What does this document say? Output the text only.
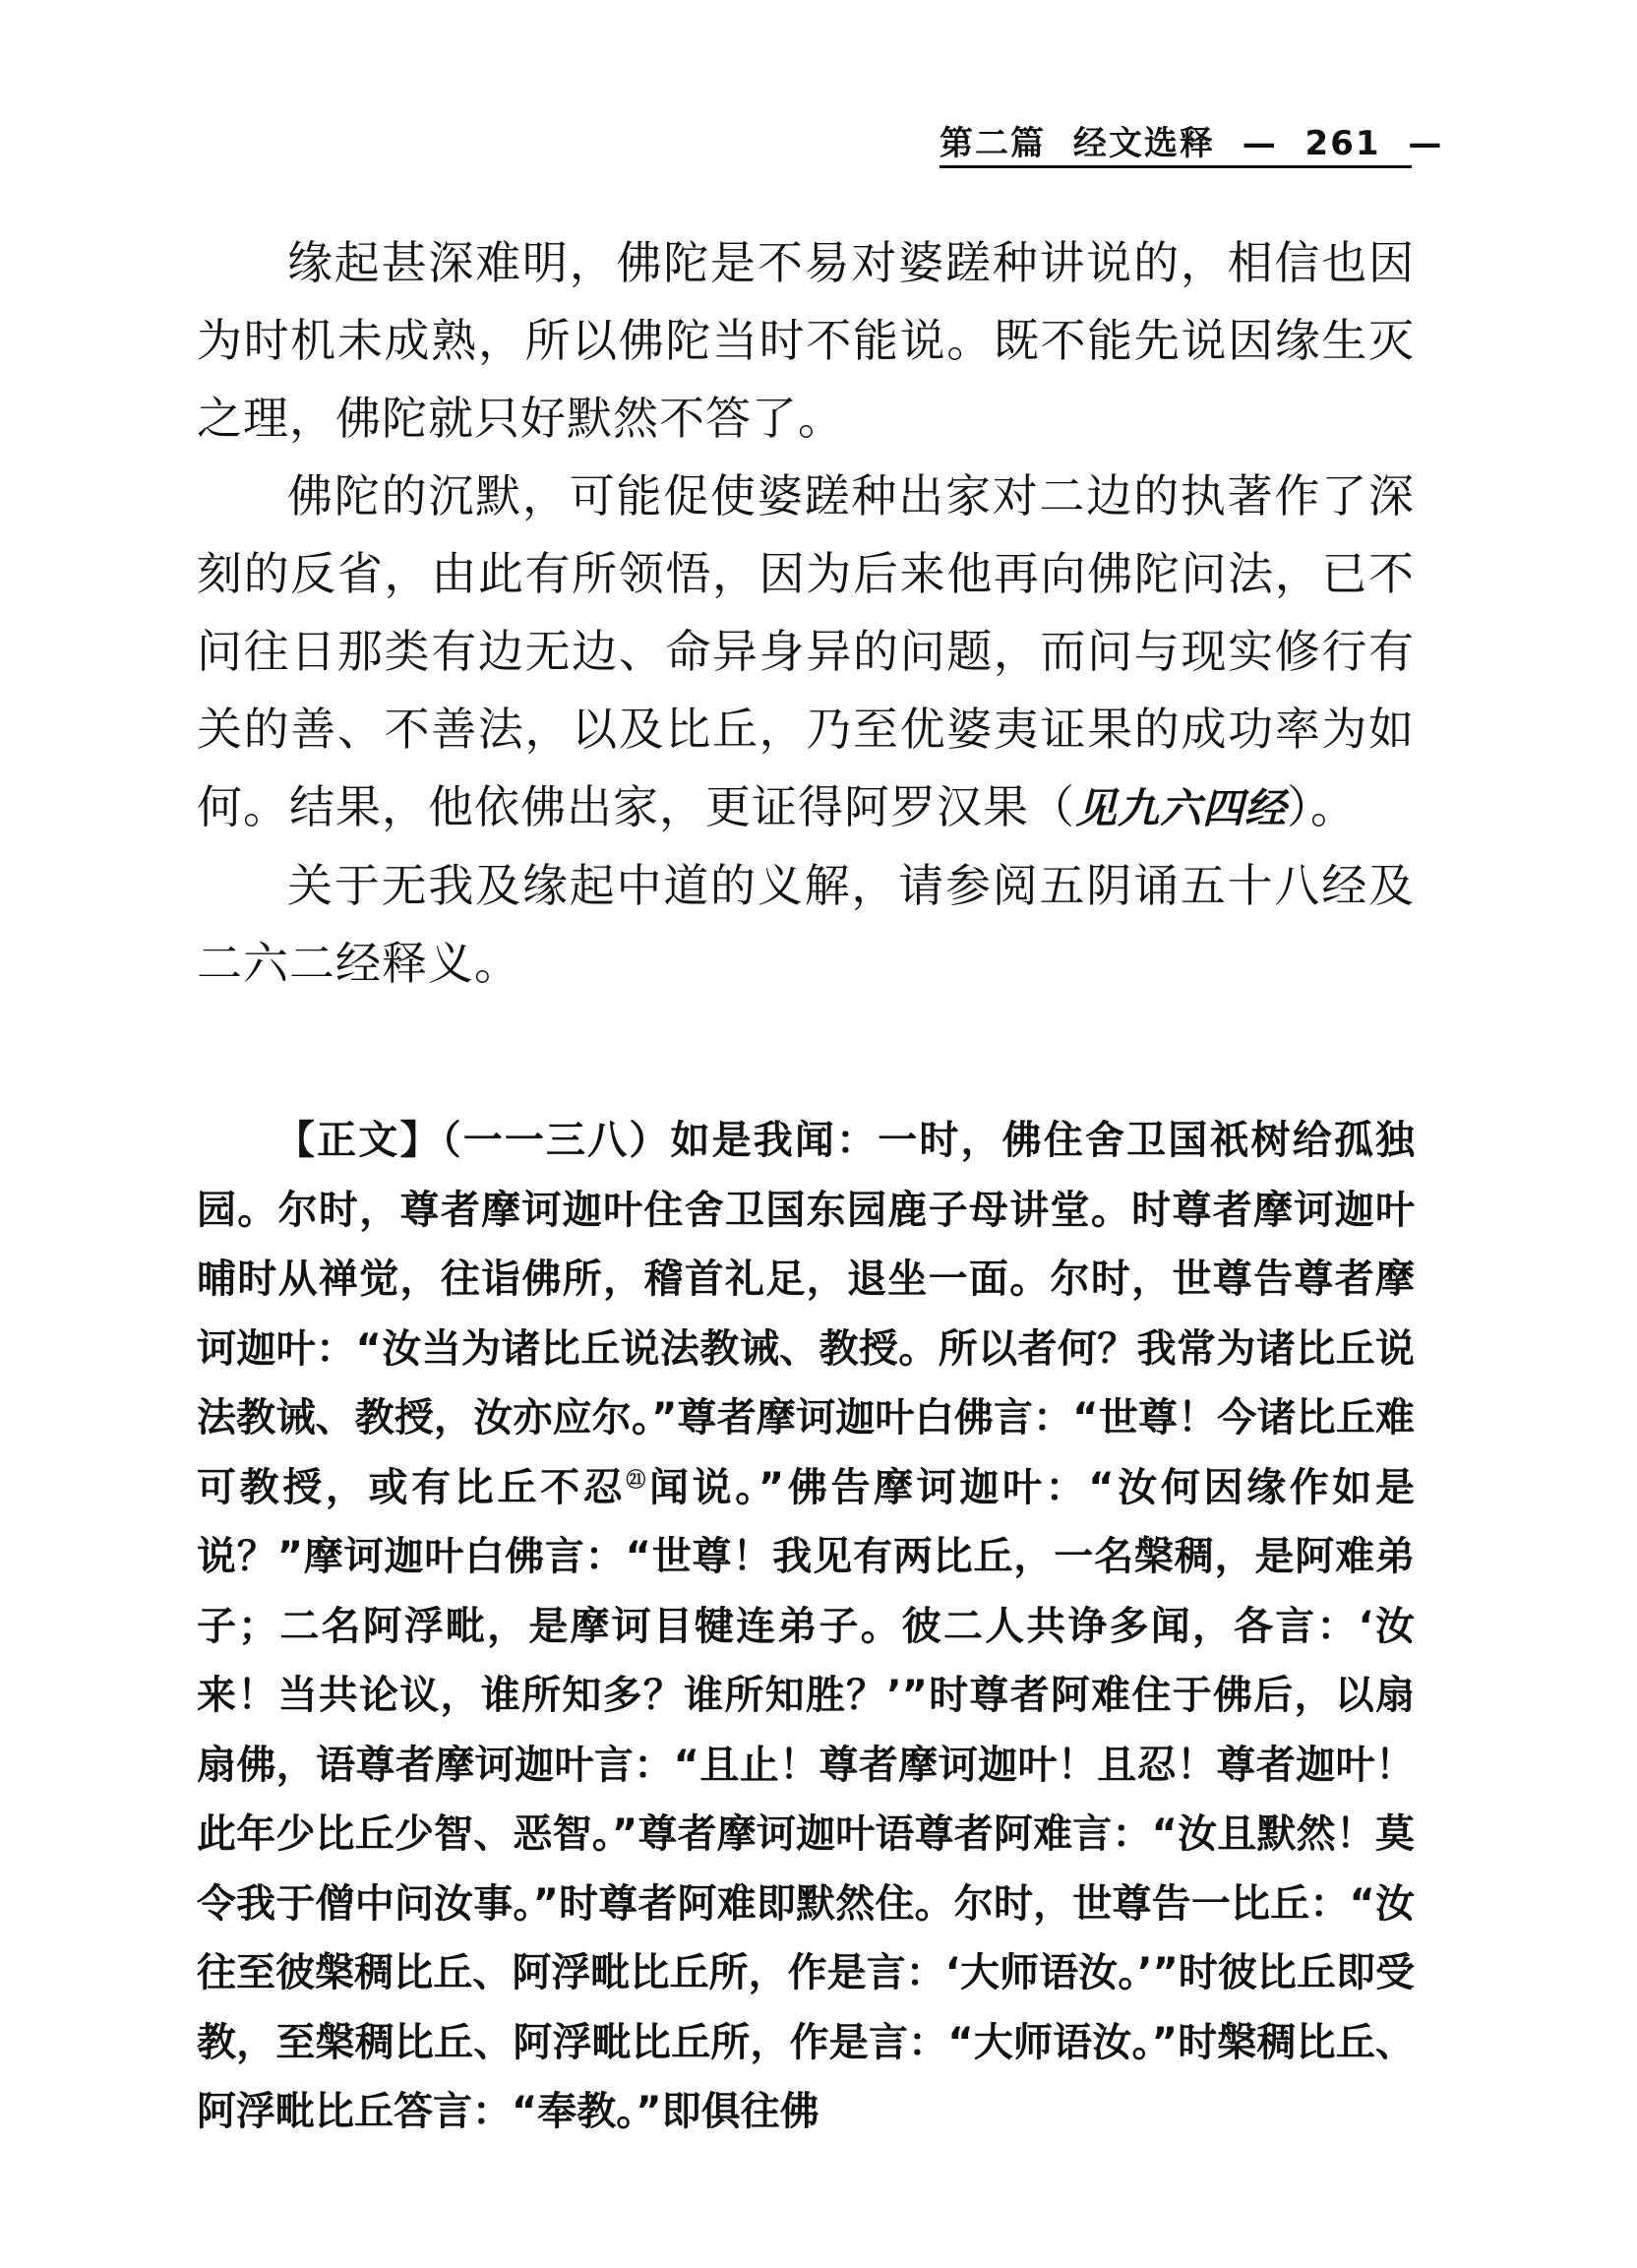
第二篇 经文选释 — 261 —

缘起甚深难明，佛陀是不易对婆蹉种讲说的，相信也因为时机未成熟，所以佛陀当时不能说。既不能先说因缘生灭之理，佛陀就只好默然不答了。

佛陀的沉默，可能促使婆蹉种出家对二边的执著作了深刻的反省，由此有所领悟，因为后来他再向佛陀问法，已不问往日那类有边无边、命异身异的问题，而问与现实修行有关的善、不善法，以及比丘，乃至优婆夷证果的成功率为如何。结果，他依佛出家，更证得阿罗汉果（见九六四经）。

关于无我及缘起中道的义解，请参阅五阴诵五十八经及二六二经释义。

【正文】（一一三八）如是我闻：一时，佛住舍卫国祇树给孤独园。尔时，尊者摩诃迦叶住舍卫国东园鹿子母讲堂。时尊者摩诃迦叶晡时从禅觉，往诣佛所，稽首礼足，退坐一面。尔时，世尊告尊者摩诃迦叶：“汝当为诸比丘说法教诫、教授。所以者何？我常为诸比丘说法教诫、教授，汝亦应尔。”尊者摩诃迦叶白佛言：“世尊！今诸比丘难可教授，或有比丘不忍$^㉑$闻说。”佛告摩诃迦叶：“汝何因缘作如是说？”摩诃迦叶白佛言：“世尊！我见有两比丘，一名槃稠，是阿难弟子；二名阿浮毗，是摩诃目犍连弟子。彼二人共诤多闻，各言：‘汝来！当共论议，谁所知多？谁所知胜？’”时尊者阿难住于佛后，以扇扇佛，语尊者摩诃迦叶言：“且止！尊者摩诃迦叶！且忍！尊者迦叶！此年少比丘少智、恶智。”尊者摩诃迦叶语尊者阿难言：“汝且默然！莫令我于僧中问汝事。”时尊者阿难即默然住。尔时，世尊告一比丘：“汝往至彼槃稠比丘、阿浮毗比丘所，作是言：‘大师语汝。’”时彼比丘即受教，至槃稠比丘、阿浮毗比丘所，作是言：“大师语汝。”时槃稠比丘、阿浮毗比丘答言：“奉教。”即俱往佛
